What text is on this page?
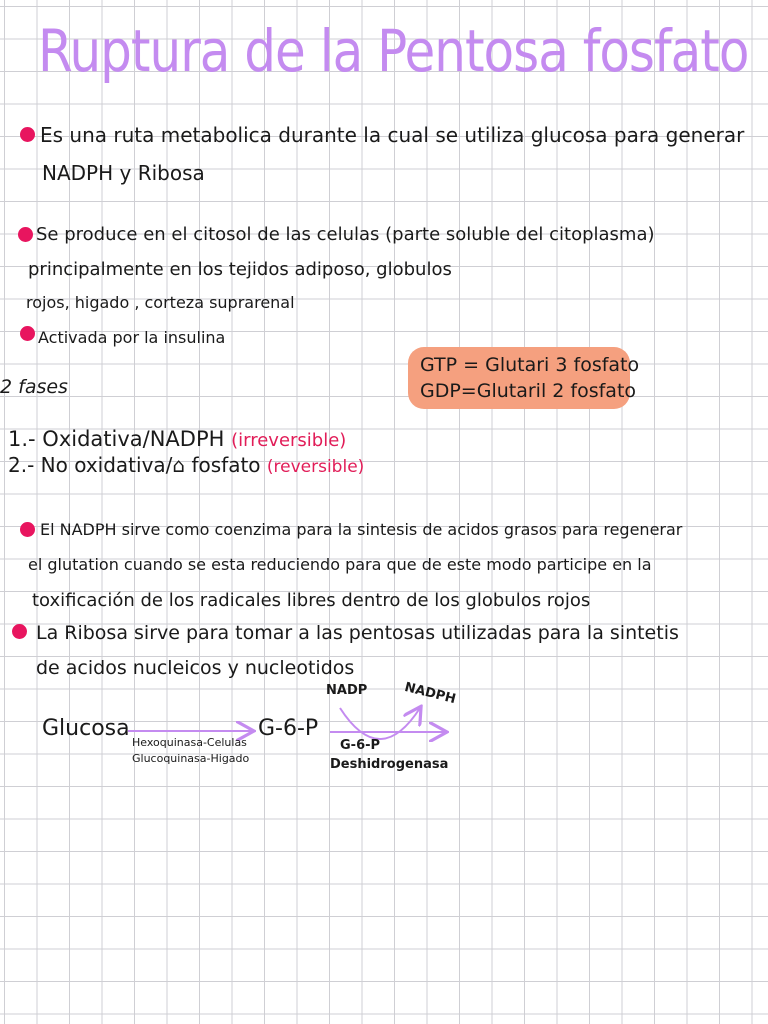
Ruptura de la Pentosa fosfato
Es una ruta metabolica durante la cual se utiliza glucosa para generar
NADPH y Ribosa
Se produce en el citosol de las celulas (parte soluble del citoplasma)
principalmente en los tejidos adiposo, globulos
rojos, higado , corteza suprarenal
Activada por la insulina
GTP = Glutari 3 fosfato
GDP=Glutaril 2 fosfato
2 fases
1.- Oxidativa/NADPH (irreversible)
2.- No oxidativa/⌂ fosfato (reversible)
El NADPH sirve como coenzima para la sintesis de acidos grasos para regenerar
el glutation cuando se esta reduciendo para que de este modo participe en la
toxificación de los radicales libres dentro de los globulos rojos
La Ribosa sirve para tomar a las pentosas utilizadas para la sintetis
de acidos nucleicos y nucleotidos
Glucosa	G-6-P
Hexoquinasa-Celulas
Glucoquinasa-Higado
NADP	NADPH
G-6-P
Deshidrogenasa
